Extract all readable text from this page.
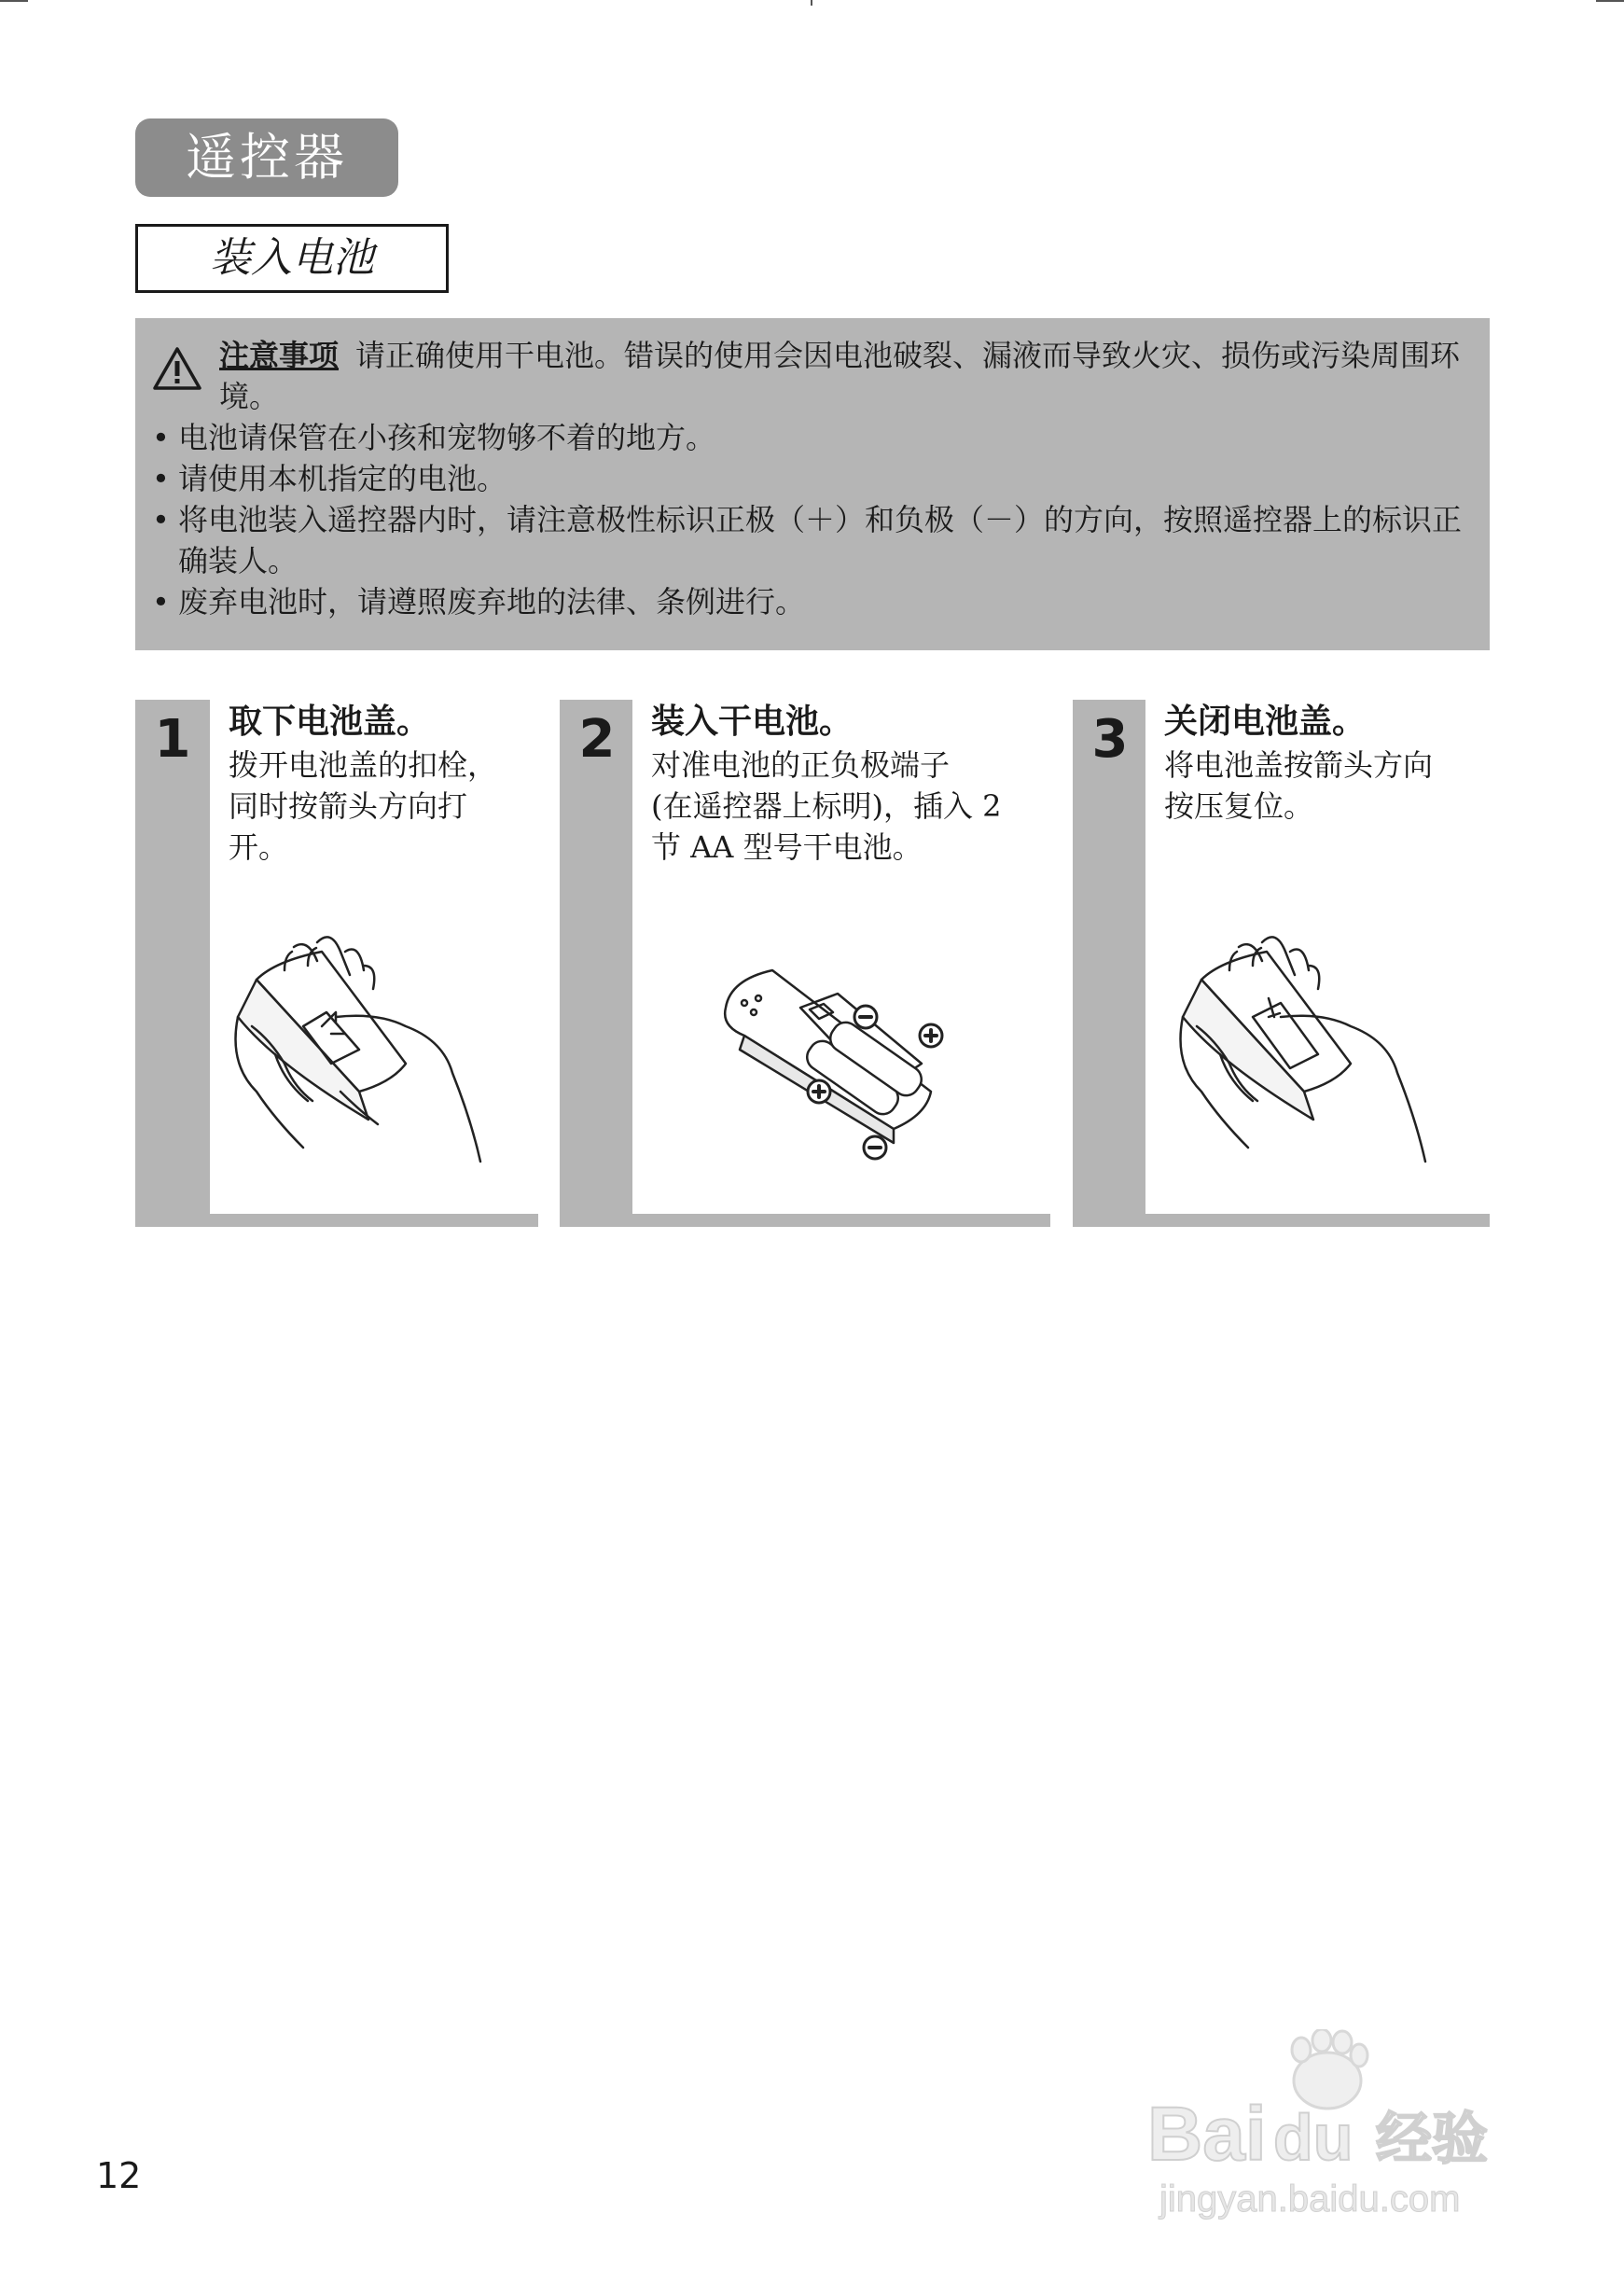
遥控器
装入电池
注意事项 请正确使用干电池。错误的使用会因电池破裂、漏液而导致火灾、损伤或污染周围环境。
• 电池请保管在小孩和宠物够不着的地方。
• 请使用本机指定的电池。
• 将电池装入遥控器内时，请注意极性标识正极（＋）和负极（－）的方向，按照遥控器上的标识正确装人。
• 废弃电池时，请遵照废弃地的法律、条例进行。
1	取下电池盖。
拨开电池盖的扣栓，
同时按箭头方向打
开。
2	装入干电池。
对准电池的正负极端子
(在遥控器上标明)，插入 2
节 AA 型号干电池。
3	关闭电池盖。
将电池盖按箭头方向
按压复位。
12	Bai du 经验
jingyan.baidu.com
